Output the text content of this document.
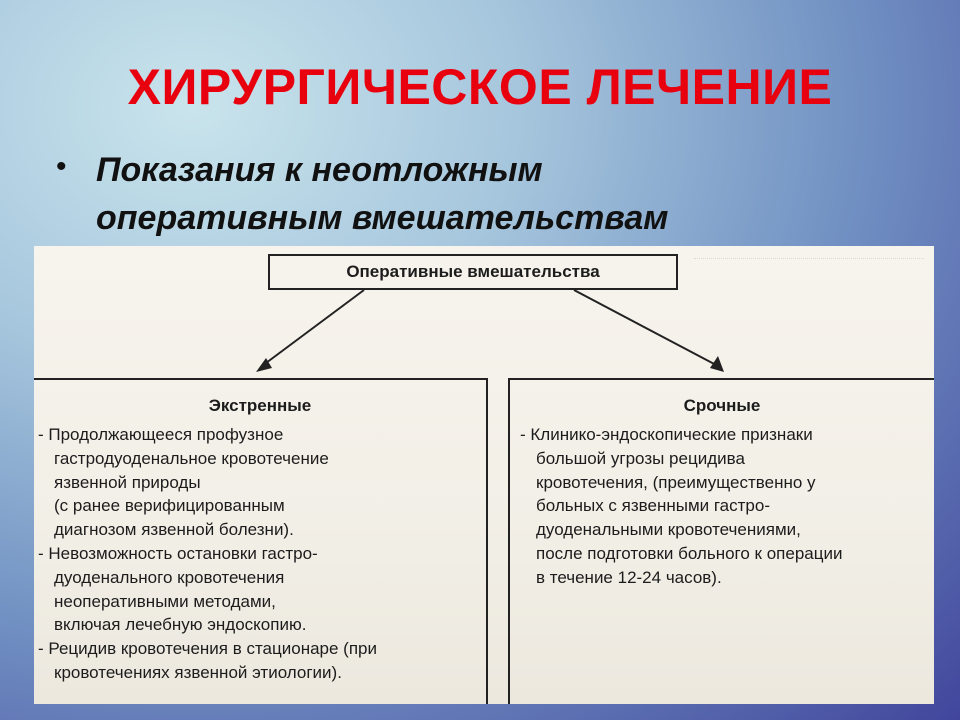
ХИРУРГИЧЕСКОЕ ЛЕЧЕНИЕ
• Показания к неотложным
оперативным вмешательствам
Оперативные вмешательства
Экстренные
- Продолжающееся профузное
гастродуоденальное кровотечение
язвенной природы
(с ранее верифицированным
диагнозом язвенной болезни).
- Невозможность остановки гастро-
дуоденального кровотечения
неоперативными методами,
включая лечебную эндоскопию.
- Рецидив кровотечения в стационаре (при
кровотечениях язвенной этиологии).
Срочные
- Клинико-эндоскопические признаки
большой угрозы рецидива
кровотечения, (преимущественно у
больных с язвенными гастро-
дуоденальными кровотечениями,
после подготовки больного к операции
в течение 12-24 часов).
